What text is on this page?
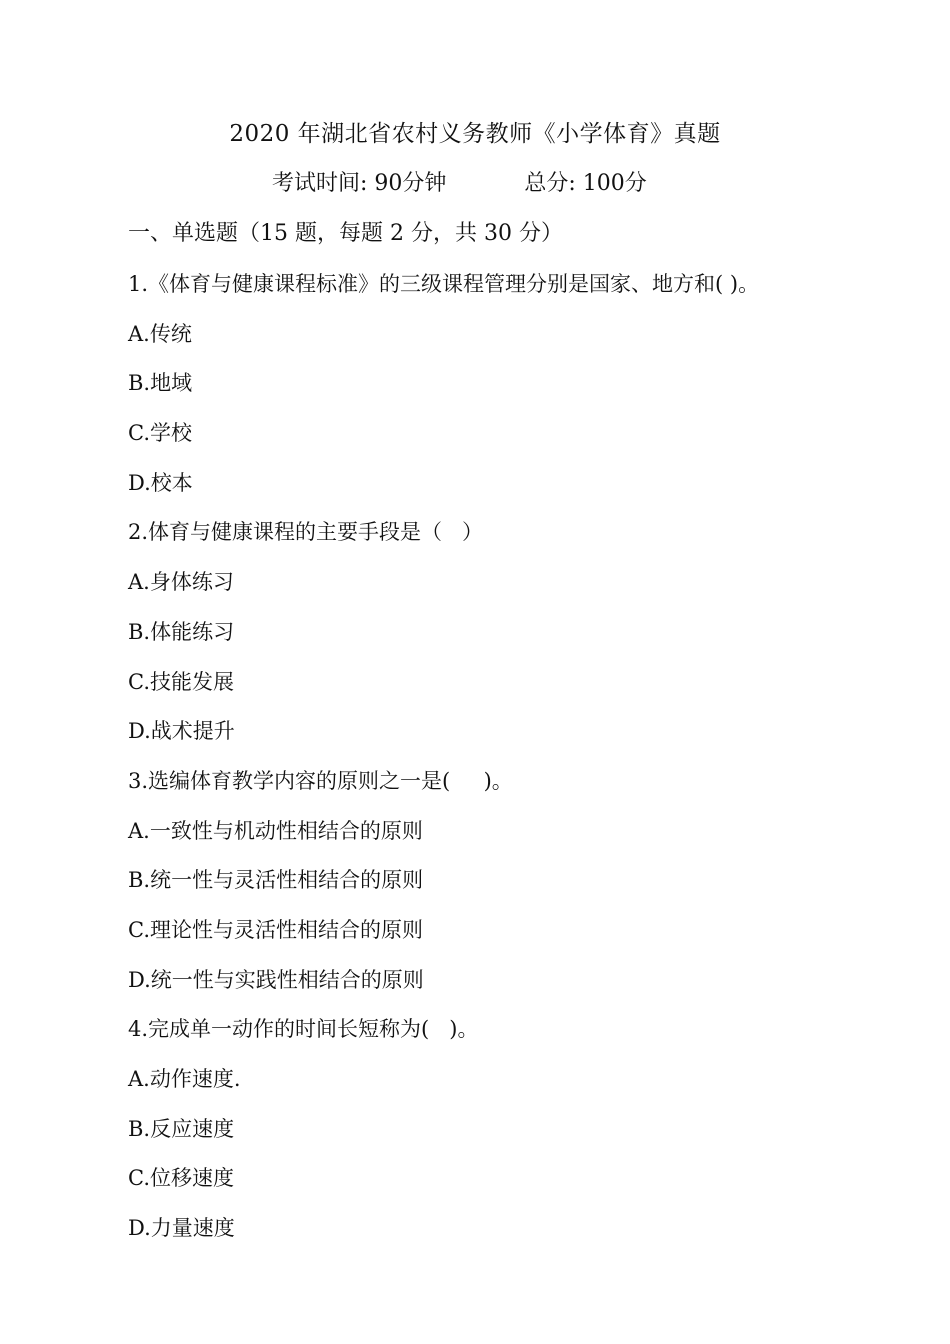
2020 年湖北省农村义务教师《小学体育》真题
考试时间: 90分钟	总分: 100分
一、单选题（15 题，每题 2 分，共 30 分）
1.《体育与健康课程标准》的三级课程管理分别是国家、地方和( )。
A.传统
B.地域
C.学校
D.校本
2.体育与健康课程的主要手段是（   ）
A.身体练习
B.体能练习
C.技能发展
D.战术提升
3.选编体育教学内容的原则之一是(     )。
A.一致性与机动性相结合的原则
B.统一性与灵活性相结合的原则
C.理论性与灵活性相结合的原则
D.统一性与实践性相结合的原则
4.完成单一动作的时间长短称为(   )。
A.动作速度.
B.反应速度
C.位移速度
D.力量速度
